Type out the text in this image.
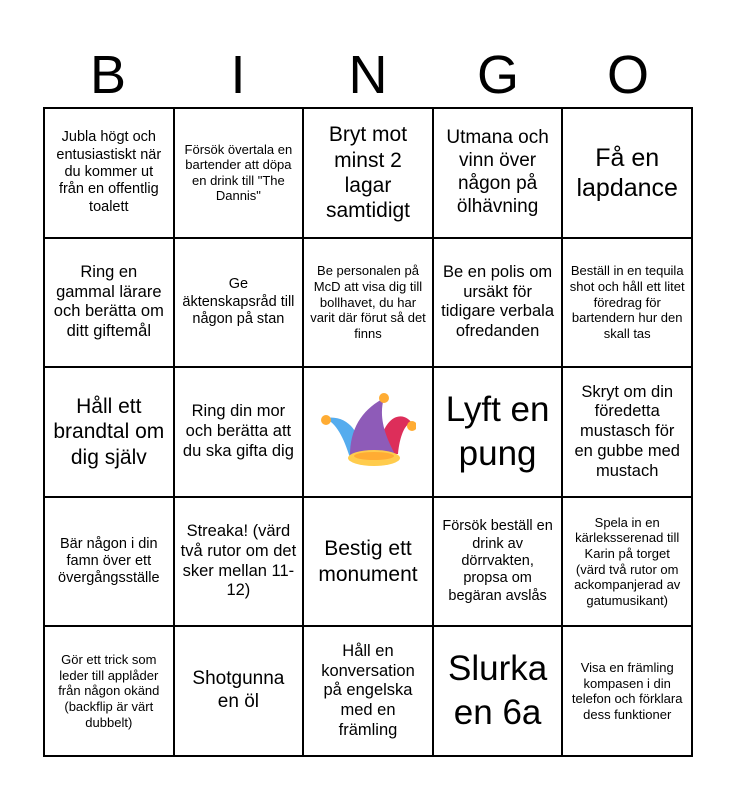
B	I	N	G	O
Jubla högt och entusiastiskt när du kommer ut från en offentlig toalett
Försök övertala en bartender att döpa en drink till "The Dannis"
Bryt mot minst 2 lagar samtidigt
Utmana och vinn över någon på ölhävning
Få en lapdance
Ring en gammal lärare och berätta om ditt giftemål
Ge äktenskapsråd till någon på stan
Be personalen på McD att visa dig till bollhavet, du har varit där förut så det finns
Be en polis om ursäkt för tidigare verbala ofredanden
Beställ in en tequila shot och håll ett litet föredrag för bartendern hur den skall tas
Håll ett brandtal om dig själv
Ring din mor och berätta att du ska gifta dig
Lyft en pung
Skryt om din föredetta mustasch för en gubbe med mustach
Bär någon i din famn över ett övergångsställe
Streaka! (värd två rutor om det sker mellan 11-12)
Bestig ett monument
Försök beställ en drink av dörrvakten, propsa om begäran avslås
Spela in en kärleksserenad till Karin på torget (värd två rutor om ackompanjerad av gatumusikant)
Gör ett trick som leder till applåder från någon okänd (backflip är värt dubbelt)
Shotgunna en öl
Håll en konversation på engelska med en främling
Slurka en 6a
Visa en främling kompasen i din telefon och förklara dess funktioner
